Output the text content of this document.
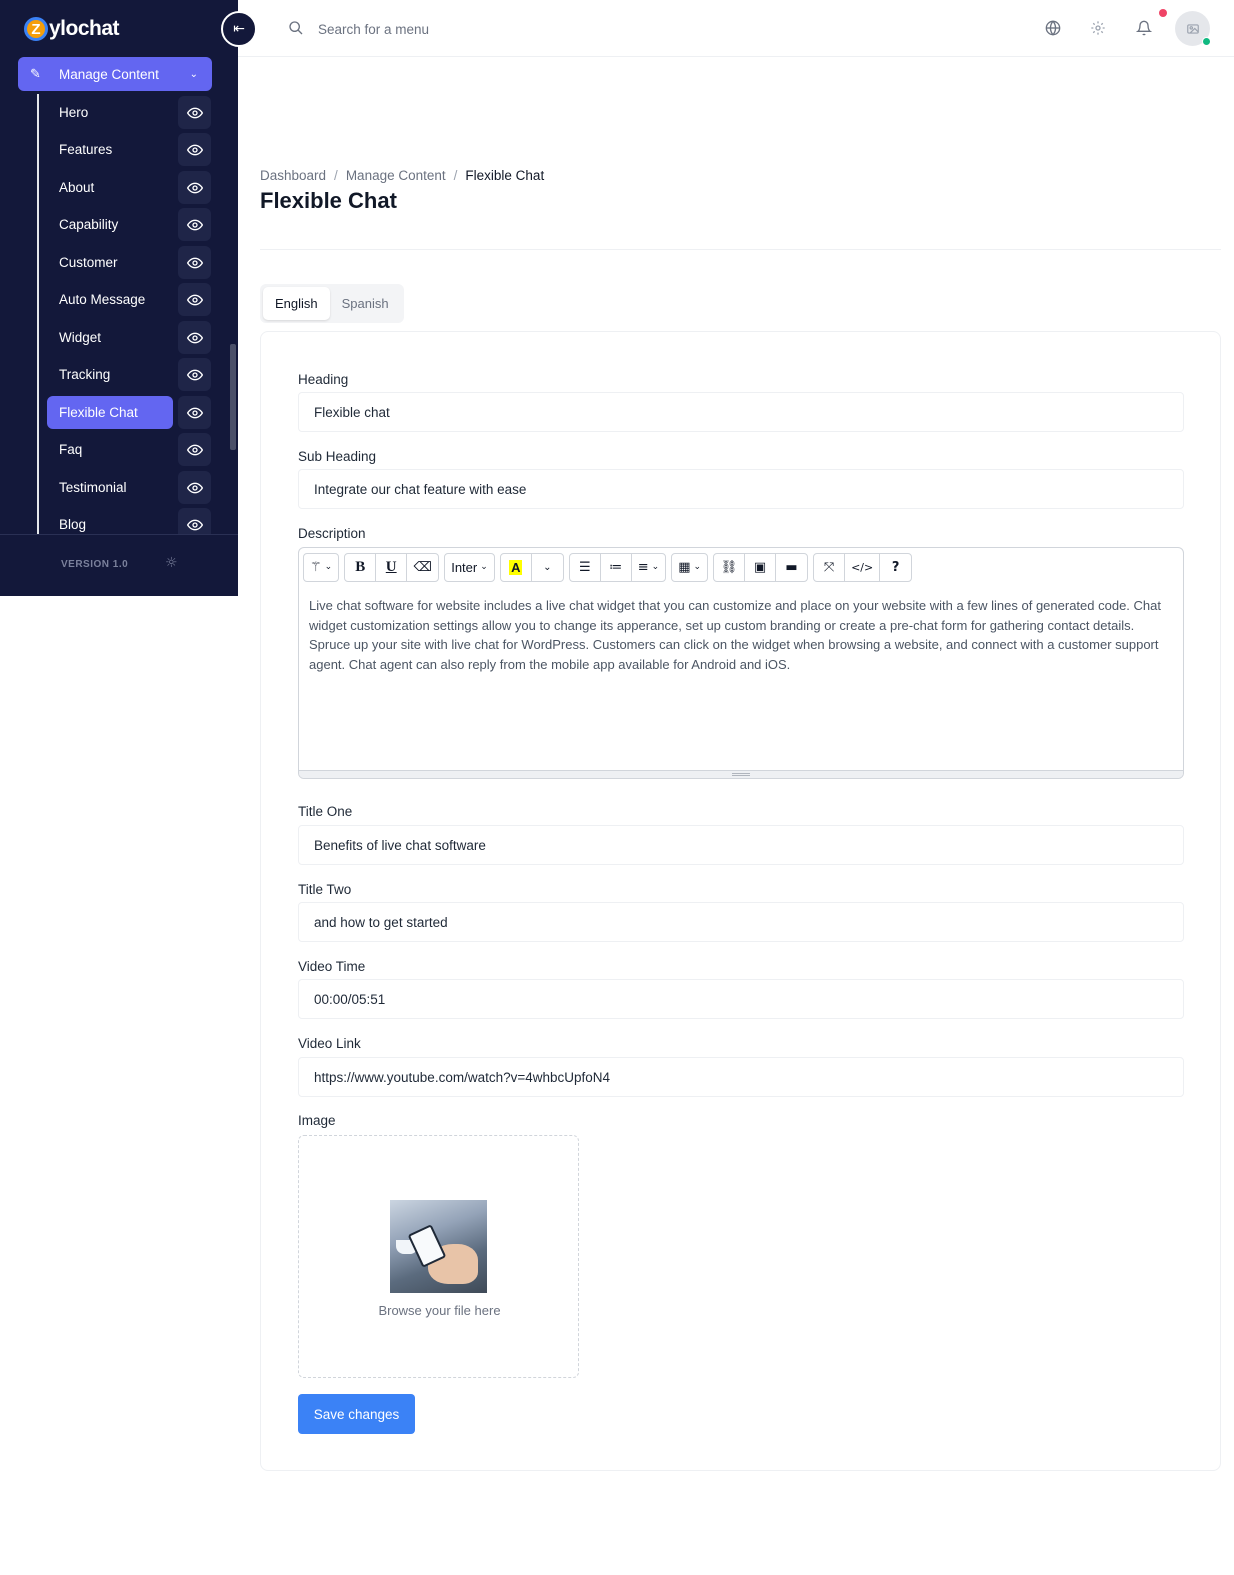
Z ylochat
✎	Manage Content	⌄
Hero
Features
About
Capability
Customer
Auto Message
Widget
Tracking
Flexible Chat
Faq
Testimonial
Blog
VERSION 1.0	☼
⇤
Search for a menu
Dashboard / Manage Content / Flexible Chat
Flexible Chat
English	Spanish
Heading
Flexible chat
Sub Heading
Integrate our chat feature with ease
Description
⚚ ⌄	B	U	⌫	Inter ⌄ A ⌄	☰	≔	≡ ⌄	▦ ⌄	⛓	▣	▬	⤧	</>	?
Live chat software for website includes a live chat widget that you can customize and place on your website with a few lines of generated code. Chat widget customization settings allow you to change its apperance, set up custom branding or create a pre-chat form for gathering contact details. Spruce up your site with live chat for WordPress. Customers can click on the widget when browsing a website, and connect with a customer support agent. Chat agent can also reply from the mobile app available for Android and iOS.
Title One
Benefits of live chat software
Title Two
and how to get started
Video Time
00:00/05:51
Video Link
https://www.youtube.com/watch?v=4whbcUpfoN4
Image
Browse your file here
Save changes
